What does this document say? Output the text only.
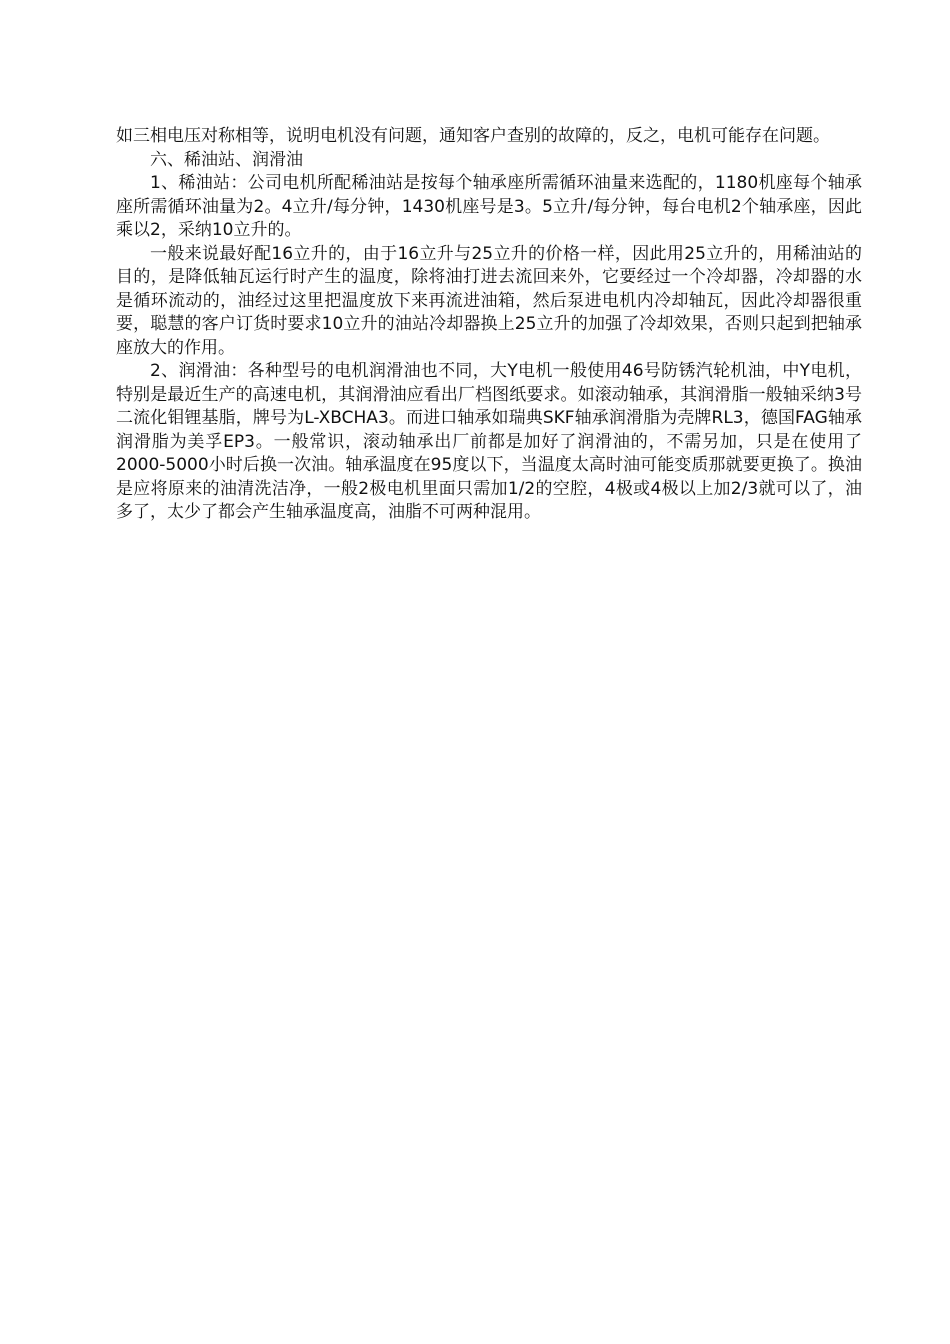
如三相电压对称相等，说明电机没有问题，通知客户查别的故障的，反之，电机可能存在问题。

六、稀油站、润滑油

1、稀油站：公司电机所配稀油站是按每个轴承座所需循环油量来选配的，1180机座每个轴承座所需循环油量为2。4立升/每分钟，1430机座号是3。5立升/每分钟，每台电机2个轴承座，因此 乘以2，采纳10立升的。

一般来说最好配16立升的，由于16立升与25立升的价格一样，因此用25立升的，用稀油站的目的，是降低轴瓦运行时产生的温度，除将油打进去流回来外，它要经过一个冷却器，冷却器的水是循环流动的，油经过这里把温度放下来再流进油箱，然后泵进电机内冷却轴瓦，因此冷却器很重要，聪慧的客户订货时要求10立升的油站冷却器换上25立升的加强了冷却效果，否则只起到把轴承座放大的作用。

2、润滑油：各种型号的电机润滑油也不同，大Y电机一般使用46号防锈汽轮机油，中Y电机，特别是最近生产的高速电机，其润滑油应看出厂档图纸要求。如滚动轴承，其润滑脂一般轴采纳3号二流化钼锂基脂，牌号为L-XBCHA3。而进口轴承如瑞典SKF轴承润滑脂为壳牌RL3，德国FAG轴承润滑脂为美孚EP3。一般常识，滚动轴承出厂前都是加好了润滑油的，不需另加，只是在使用了2000-5000小时后换一次油。轴承温度在95度以下，当温度太高时油可能变质那就要更换了。换油是应将原来的油清洗洁净，一般2极电机里面只需加1/2的空腔，4极或4极以上加2/3就可以了，油多了，太少了都会产生轴承温度高，油脂不可两种混用。
